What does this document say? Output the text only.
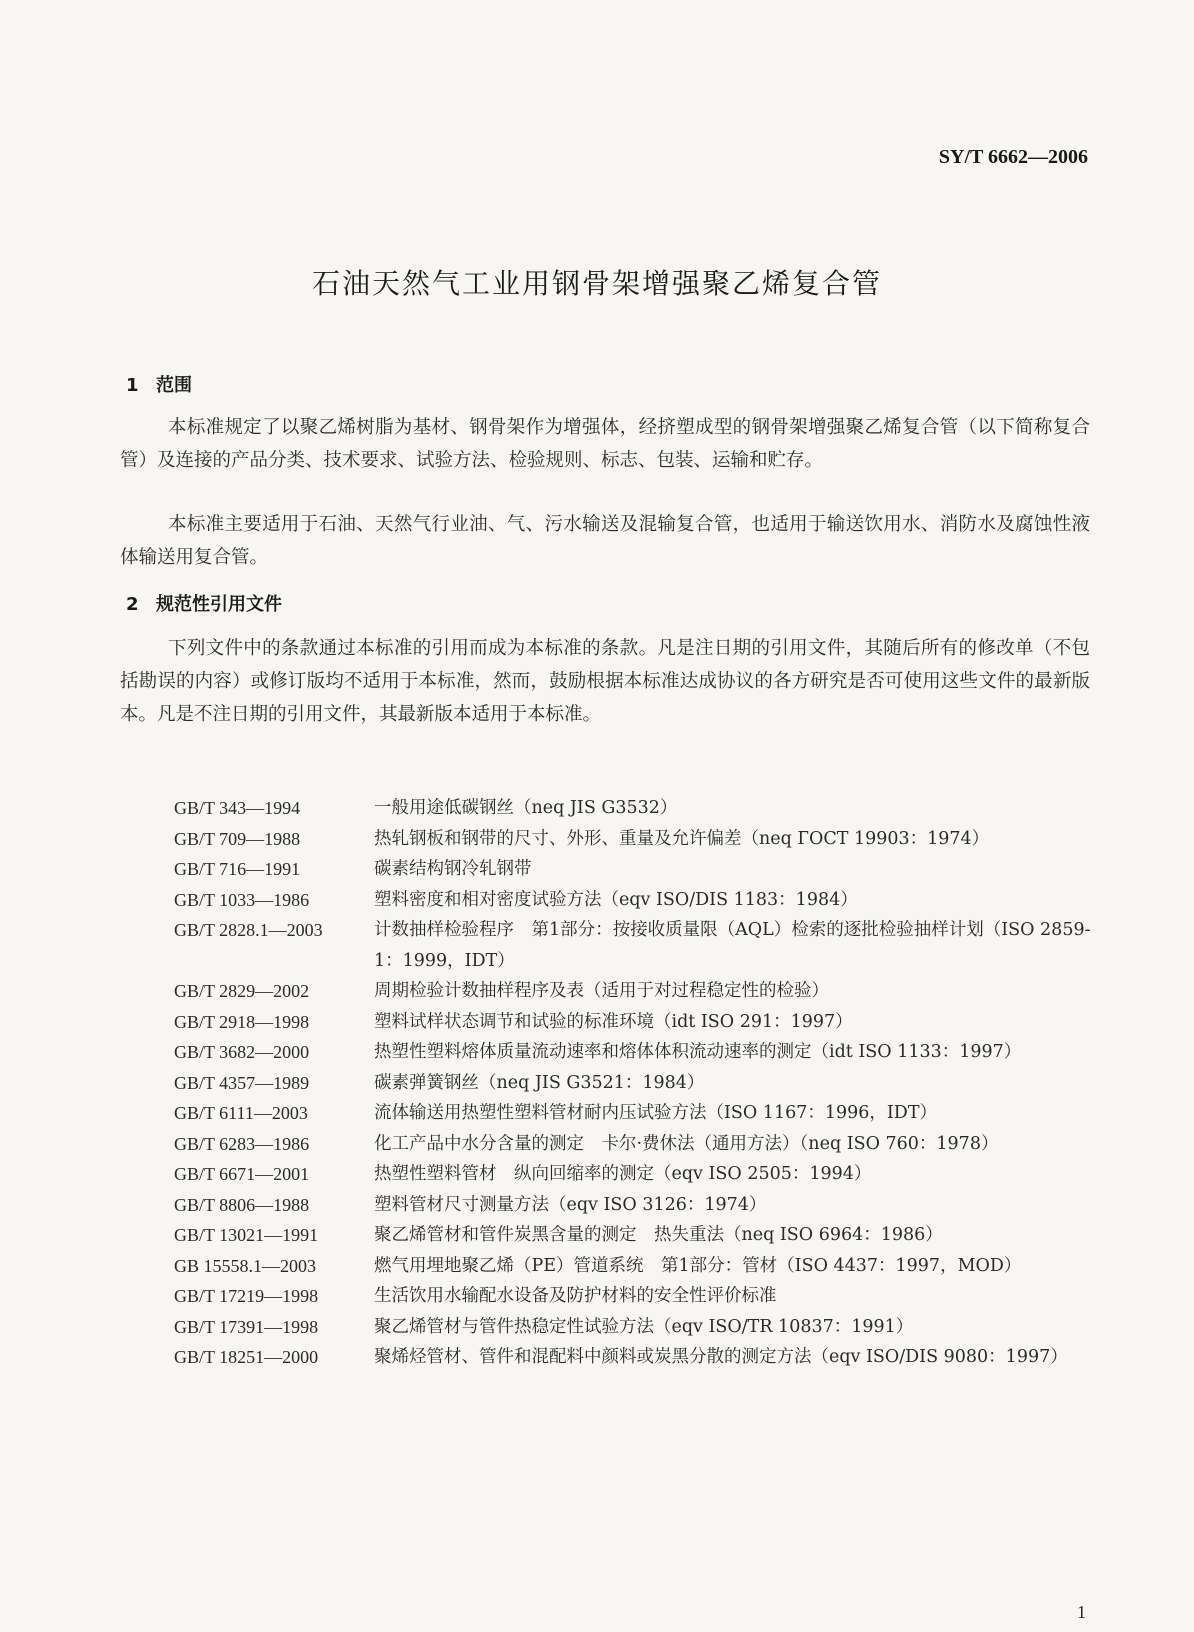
SY/T 6662—2006
石油天然气工业用钢骨架增强聚乙烯复合管
1 范围
本标准规定了以聚乙烯树脂为基材、钢骨架作为增强体，经挤塑成型的钢骨架增强聚乙烯复合管（以下简称复合管）及连接的产品分类、技术要求、试验方法、检验规则、标志、包装、运输和贮存。
本标准主要适用于石油、天然气行业油、气、污水输送及混输复合管，也适用于输送饮用水、消防水及腐蚀性液体输送用复合管。
2 规范性引用文件
下列文件中的条款通过本标准的引用而成为本标准的条款。凡是注日期的引用文件，其随后所有的修改单（不包括勘误的内容）或修订版均不适用于本标准，然而，鼓励根据本标准达成协议的各方研究是否可使用这些文件的最新版本。凡是不注日期的引用文件，其最新版本适用于本标准。
GB/T 343—1994	一般用途低碳钢丝（neq JIS G3532）
GB/T 709—1988	热轧钢板和钢带的尺寸、外形、重量及允许偏差（neq ГОСТ 19903：1974）
GB/T 716—1991	碳素结构钢冷轧钢带
GB/T 1033—1986	塑料密度和相对密度试验方法（eqv ISO/DIS 1183：1984）
GB/T 2828.1—2003	计数抽样检验程序　第1部分：按接收质量限（AQL）检索的逐批检验抽样计划（ISO 2859-1：1999，IDT）
GB/T 2829—2002	周期检验计数抽样程序及表（适用于对过程稳定性的检验）
GB/T 2918—1998	塑料试样状态调节和试验的标准环境（idt ISO 291：1997）
GB/T 3682—2000	热塑性塑料熔体质量流动速率和熔体体积流动速率的测定（idt ISO 1133：1997）
GB/T 4357—1989	碳素弹簧钢丝（neq JIS G3521：1984）
GB/T 6111—2003	流体输送用热塑性塑料管材耐内压试验方法（ISO 1167：1996，IDT）
GB/T 6283—1986	化工产品中水分含量的测定　卡尔·费休法（通用方法）（neq ISO 760：1978）
GB/T 6671—2001	热塑性塑料管材　纵向回缩率的测定（eqv ISO 2505：1994）
GB/T 8806—1988	塑料管材尺寸测量方法（eqv ISO 3126：1974）
GB/T 13021—1991	聚乙烯管材和管件炭黑含量的测定　热失重法（neq ISO 6964：1986）
GB 15558.1—2003	燃气用埋地聚乙烯（PE）管道系统　第1部分：管材（ISO 4437：1997，MOD）
GB/T 17219—1998	生活饮用水输配水设备及防护材料的安全性评价标准
GB/T 17391—1998	聚乙烯管材与管件热稳定性试验方法（eqv ISO/TR 10837：1991）
GB/T 18251—2000	聚烯烃管材、管件和混配料中颜料或炭黑分散的测定方法（eqv ISO/DIS 9080：1997）
1
